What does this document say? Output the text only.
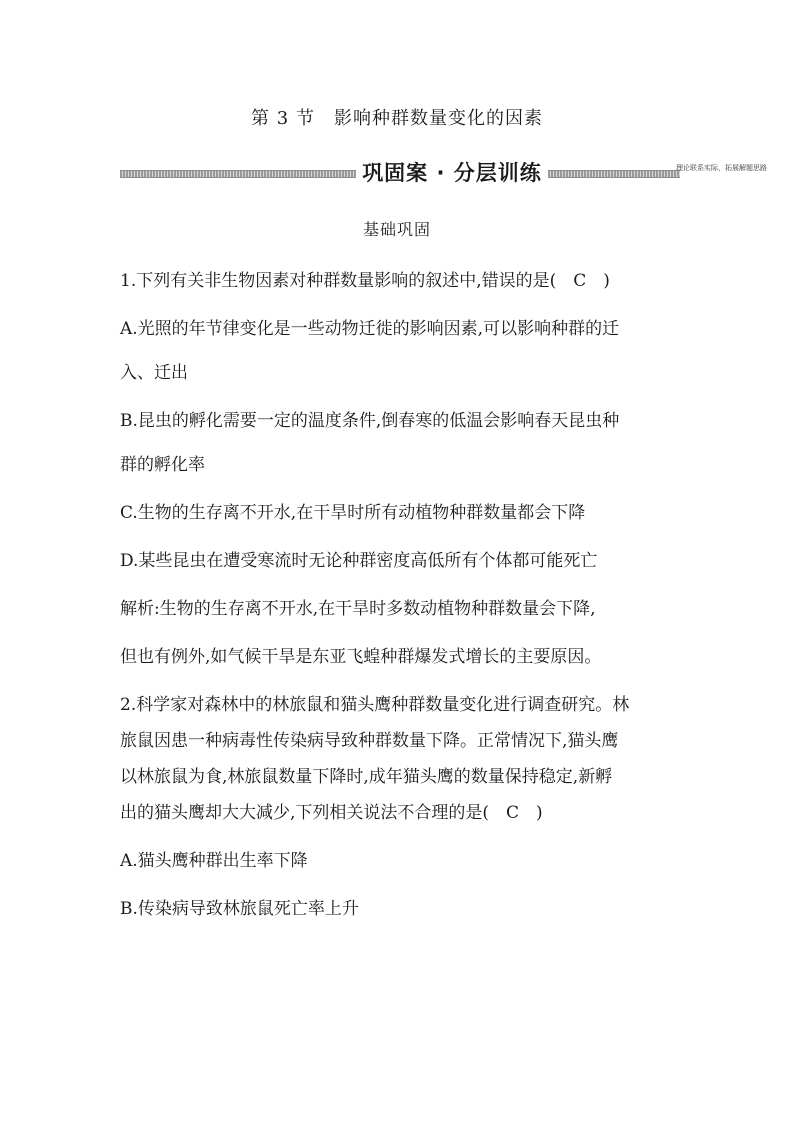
第 3 节　影响种群数量变化的因素
巩固案 · 分层训练	理论联系实际，拓展解题思路
基础巩固
1.下列有关非生物因素对种群数量影响的叙述中,错误的是(　C　)
A.光照的年节律变化是一些动物迁徙的影响因素,可以影响种群的迁
入、迁出
B.昆虫的孵化需要一定的温度条件,倒春寒的低温会影响春天昆虫种
群的孵化率
C.生物的生存离不开水,在干旱时所有动植物种群数量都会下降
D.某些昆虫在遭受寒流时无论种群密度高低所有个体都可能死亡
解析:生物的生存离不开水,在干旱时多数动植物种群数量会下降,
但也有例外,如气候干旱是东亚飞蝗种群爆发式增长的主要原因。
2.科学家对森林中的林旅鼠和猫头鹰种群数量变化进行调查研究。林
旅鼠因患一种病毒性传染病导致种群数量下降。正常情况下,猫头鹰
以林旅鼠为食,林旅鼠数量下降时,成年猫头鹰的数量保持稳定,新孵
出的猫头鹰却大大减少,下列相关说法不合理的是(　C　)
A.猫头鹰种群出生率下降
B.传染病导致林旅鼠死亡率上升
